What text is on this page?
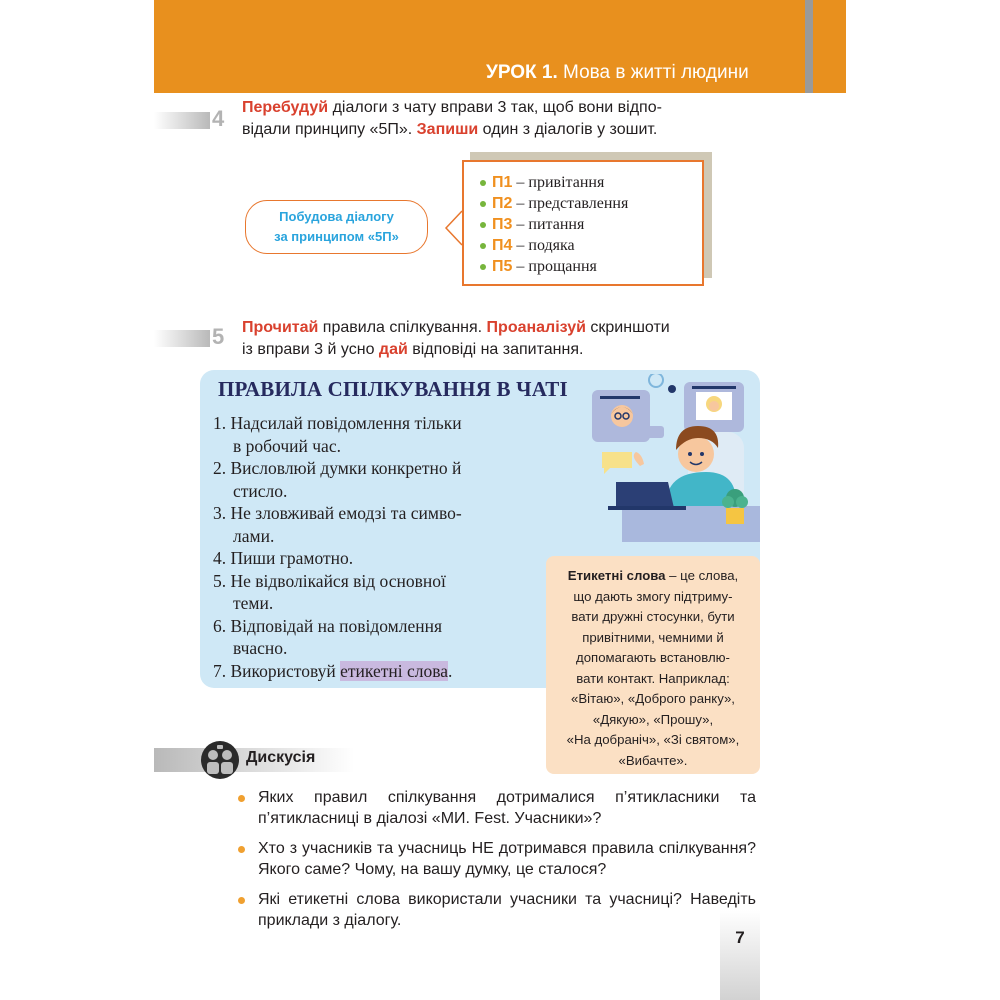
УРОК 1. Мова в житті людини
4 Перебудуй діалоги з чату вправи 3 так, щоб вони відпо-
відали принципу «5П». Запиши один з діалогів у зошит.
Побудова діалогу
за принципом «5П»
П1 – привітання
П2 – представлення
П3 – питання
П4 – подяка
П5 – прощання
5 Прочитай правила спілкування. Проаналізуй скриншоти
із вправи 3 й усно дай відповіді на запитання.
ПРАВИЛА СПІЛКУВАННЯ В ЧАТІ
1. Надсилай повідомлення тільки
в робочий час.
2. Висловлюй думки конкретно й
стисло.
3. Не зловживай емодзі та симво-
лами.
4. Пиши грамотно.
5. Не відволікайся від основної
теми.
6. Відповідай на повідомлення
вчасно.
7. Використовуй етикетні слова.
Етикетні слова – це слова,
що дають змогу підтриму-
вати дружні стосунки, бути
привітними, чемними й
допомагають встановлю-
вати контакт. Наприклад:
«Вітаю», «Доброго ранку»,
«Дякую», «Прошу»,
«На добраніч», «Зі святом»,
«Вибачте».
Дискусія
Яких правил спілкування дотрималися п’ятикласники та п’ятикласниці в діалозі «МИ. Fest. Учасники»?
Хто з учасників та учасниць НЕ дотримався правила спілкування? Якого саме? Чому, на вашу думку, це сталося?
Які етикетні слова використали учасники та учасниці? Наведіть приклади з діалогу.
7
